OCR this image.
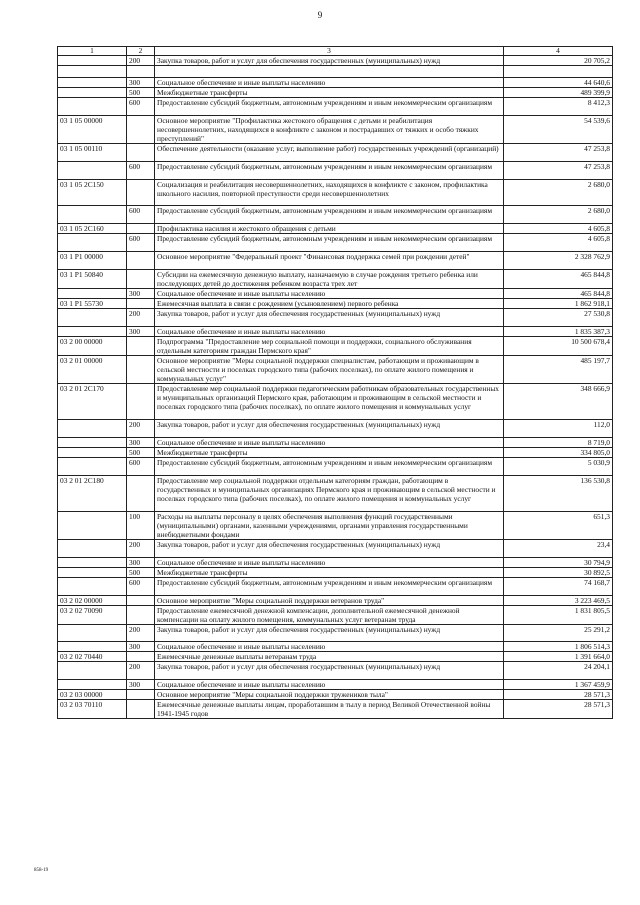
9
1	2	3	4
	200	Закупка товаров, работ и услуг для обеспечения государственных (муниципальных) нужд	20 705,2

	300	Социальное обеспечение и иные выплаты населению	44 640,6
	500	Межбюджетные трансферты	489 399,9
	600	Предоставление субсидий бюджетным, автономным учреждениям и иным некоммерческим организациям	8 412,3
03 1 05 00000		Основное мероприятие "Профилактика жестокого обращения с детьми и реабилитация несовершеннолетних, находящихся в конфликте с законом и пострадавших от тяжких и особо тяжких преступлений"	54 539,6
03 1 05 00110		Обеспечение деятельности (оказание услуг, выполнение работ) государственных учреждений (организаций)	47 253,8
	600	Предоставление субсидий бюджетным, автономным учреждениям и иным некоммерческим организациям	47 253,8
03 1 05 2С150		Социализация и реабилитация несовершеннолетних, находящихся в конфликте с законом, профилактика школьного насилия, повторной преступности среди несовершеннолетних	2 680,0
	600	Предоставление субсидий бюджетным, автономным учреждениям и иным некоммерческим организациям	2 680,0
03 1 05 2С160		Профилактика насилия и жестокого обращения с детьми	4 605,8
	600	Предоставление субсидий бюджетным, автономным учреждениям и иным некоммерческим организациям	4 605,8
03 1 Р1 00000		Основное мероприятие "Федеральный проект "Финансовая поддержка семей при рождении детей"	2 328 762,9
03 1 Р1 50840		Субсидии на ежемесячную денежную выплату, назначаемую в случае рождения третьего ребенка или последующих детей до достижения ребенком возраста трех лет	465 844,8
	300	Социальное обеспечение и иные выплаты населению	465 844,8
03 1 Р1 55730		Ежемесячная выплата в связи с рождением (усыновлением) первого ребенка	1 862 918,1
	200	Закупка товаров, работ и услуг для обеспечения государственных (муниципальных) нужд	27 530,8
	300	Социальное обеспечение и иные выплаты населению	1 835 387,3
03 2 00 00000		Подпрограмма "Предоставление мер социальной помощи и поддержки, социального обслуживания отдельным категориям граждан Пермского края"	10 500 678,4
03 2 01 00000		Основное мероприятие "Меры социальной поддержки специалистам, работающим и проживающим в сельской местности и поселках городского типа (рабочих поселках), по оплате жилого помещения и коммунальных услуг"	485 197,7
03 2 01 2С170		Предоставление мер социальной поддержки педагогическим работникам образовательных государственных и муниципальных организаций Пермского края, работающим и проживающим в сельской местности и поселках городского типа (рабочих поселках), по оплате жилого помещения и коммунальных услуг	348 666,9
	200	Закупка товаров, работ и услуг для обеспечения государственных (муниципальных) нужд	112,0
	300	Социальное обеспечение и иные выплаты населению	8 719,0
	500	Межбюджетные трансферты	334 805,0
	600	Предоставление субсидий бюджетным, автономным учреждениям и иным некоммерческим организациям	5 030,9
03 2 01 2С180		Предоставление мер социальной поддержки отдельным категориям граждан, работающим в государственных и муниципальных организациях Пермского края и проживающим в сельской местности и поселках городского типа (рабочих поселках), по оплате жилого помещения и коммунальных услуг	136 530,8
	100	Расходы на выплаты персоналу в целях обеспечения выполнения функций государственными (муниципальными) органами, казенными учреждениями, органами управления государственными внебюджетными фондами	651,3
	200	Закупка товаров, работ и услуг для обеспечения государственных (муниципальных) нужд	23,4
	300	Социальное обеспечение и иные выплаты населению	30 794,9
	500	Межбюджетные трансферты	30 892,5
	600	Предоставление субсидий бюджетным, автономным учреждениям и иным некоммерческим организациям	74 168,7
03 2 02 00000		Основное мероприятие "Меры социальной поддержки ветеранов труда"	3 223 469,5
03 2 02 70090		Предоставление ежемесячной денежной компенсации, дополнительной ежемесячной денежной компенсации на оплату жилого помещения, коммунальных услуг ветеранам труда	1 831 805,5
	200	Закупка товаров, работ и услуг для обеспечения государственных (муниципальных) нужд	25 291,2
	300	Социальное обеспечение и иные выплаты населению	1 806 514,3
03 2 02 70440		Ежемесячные денежные выплаты ветеранам труда	1 391 664,0
	200	Закупка товаров, работ и услуг для обеспечения государственных (муниципальных) нужд	24 204,1
	300	Социальное обеспечение и иные выплаты населению	1 367 459,9
03 2 03 00000		Основное мероприятие "Меры социальной поддержки тружеников тыла"	28 571,3
03 2 03 70110		Ежемесячные денежные выплаты лицам, проработавшим в тылу в период Великой Отечественной войны 1941-1945 годов	28 571,3
858-19
